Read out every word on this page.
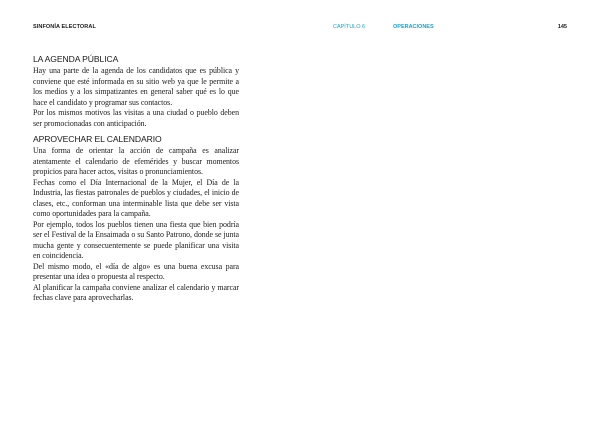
SINFONÍA ELECTORAL	CAPÍTULO 6	OPERACIONES	145
LA AGENDA PÚBLICA

Hay una parte de la agenda de los candidatos que es pública y conviene que esté informada en su sitio web ya que le permite a los medios y a los simpatizantes en general saber qué es lo que hace el candidato y programar sus contactos.

Por los mismos motivos las visitas a una ciudad o pueblo deben ser promocionadas con anticipación.

APROVECHAR EL CALENDARIO

Una forma de orientar la acción de campaña es analizar atentamente el calendario de efemérides y buscar momentos propicios para hacer actos, visitas o pronunciamientos.

Fechas como el Día Internacional de la Mujer, el Día de la Industria, las fiestas patronales de pueblos y ciudades, el inicio de clases, etc., conforman una interminable lista que debe ser vista como oportunidades para la campaña.

Por ejemplo, todos los pueblos tienen una fiesta que bien podría ser el Festival de la Ensaimada o su Santo Patrono, donde se junta mucha gente y consecuentemente se puede planificar una visita en coincidencia.

Del mismo modo, el «día de algo» es una buena excusa para presentar una idea o propuesta al respecto.

Al planificar la campaña conviene analizar el calendario y marcar fechas clave para aprovecharlas.
